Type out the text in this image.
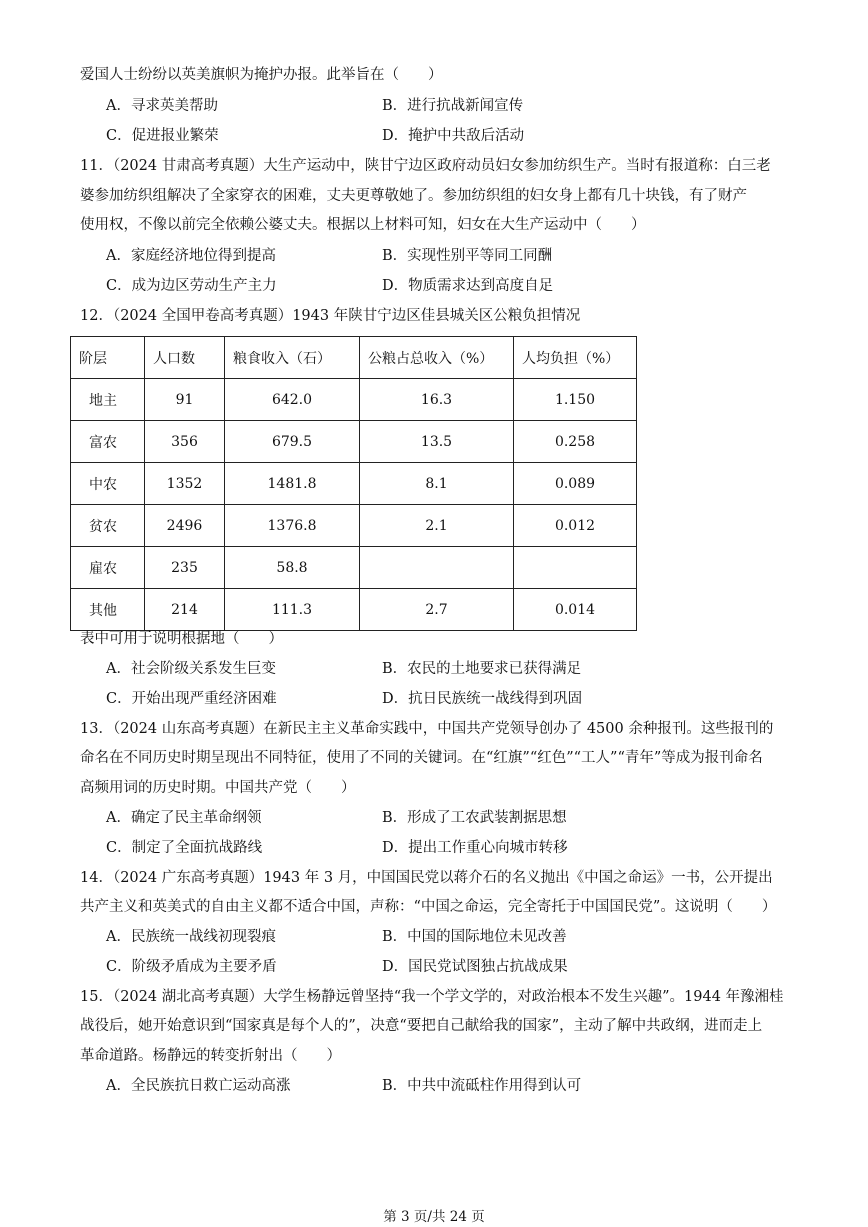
爱国人士纷纷以英美旗帜为掩护办报。此举旨在（　　）
A．寻求英美帮助	B．进行抗战新闻宣传
C．促进报业繁荣	D．掩护中共敌后活动
11．（2024 甘肃高考真题）大生产运动中，陕甘宁边区政府动员妇女参加纺织生产。当时有报道称：白三老
婆参加纺织组解决了全家穿衣的困难，丈夫更尊敬她了。参加纺织组的妇女身上都有几十块钱，有了财产
使用权，不像以前完全依赖公婆丈夫。根据以上材料可知，妇女在大生产运动中（　　）
A．家庭经济地位得到提高	B．实现性别平等同工同酬
C．成为边区劳动生产主力	D．物质需求达到高度自足
12．（2024 全国甲卷高考真题）1943 年陕甘宁边区佳县城关区公粮负担情况
阶层	人口数	粮食收入（石）	公粮占总收入（%）	人均负担（%）
地主	91	642.0	16.3	1.150
富农	356	679.5	13.5	0.258
中农	1352	1481.8	8.1	0.089
贫农	2496	1376.8	2.1	0.012
雇农	235	58.8		
其他	214	111.3	2.7	0.014
表中可用于说明根据地（　　）
A．社会阶级关系发生巨变	B．农民的土地要求已获得满足
C．开始出现严重经济困难	D．抗日民族统一战线得到巩固
13．（2024 山东高考真题）在新民主主义革命实践中，中国共产党领导创办了 4500 余种报刊。这些报刊的
命名在不同历史时期呈现出不同特征，使用了不同的关键词。在“红旗”“红色”“工人”“青年”等成为报刊命名
高频用词的历史时期。中国共产党（　　）
A．确定了民主革命纲领	B．形成了工农武装割据思想
C．制定了全面抗战路线	D．提出工作重心向城市转移
14．（2024 广东高考真题）1943 年 3 月，中国国民党以蒋介石的名义抛出《中国之命运》一书，公开提出
共产主义和英美式的自由主义都不适合中国，声称：“中国之命运，完全寄托于中国国民党”。这说明（　　）
A．民族统一战线初现裂痕	B．中国的国际地位未见改善
C．阶级矛盾成为主要矛盾	D．国民党试图独占抗战成果
15．（2024 湖北高考真题）大学生杨静远曾坚持“我一个学文学的，对政治根本不发生兴趣”。1944 年豫湘桂
战役后，她开始意识到“国家真是每个人的”，决意“要把自己献给我的国家”，主动了解中共政纲，进而走上
革命道路。杨静远的转变折射出（　　）
A．全民族抗日救亡运动高涨	B．中共中流砥柱作用得到认可
第 3 页/共 24 页
